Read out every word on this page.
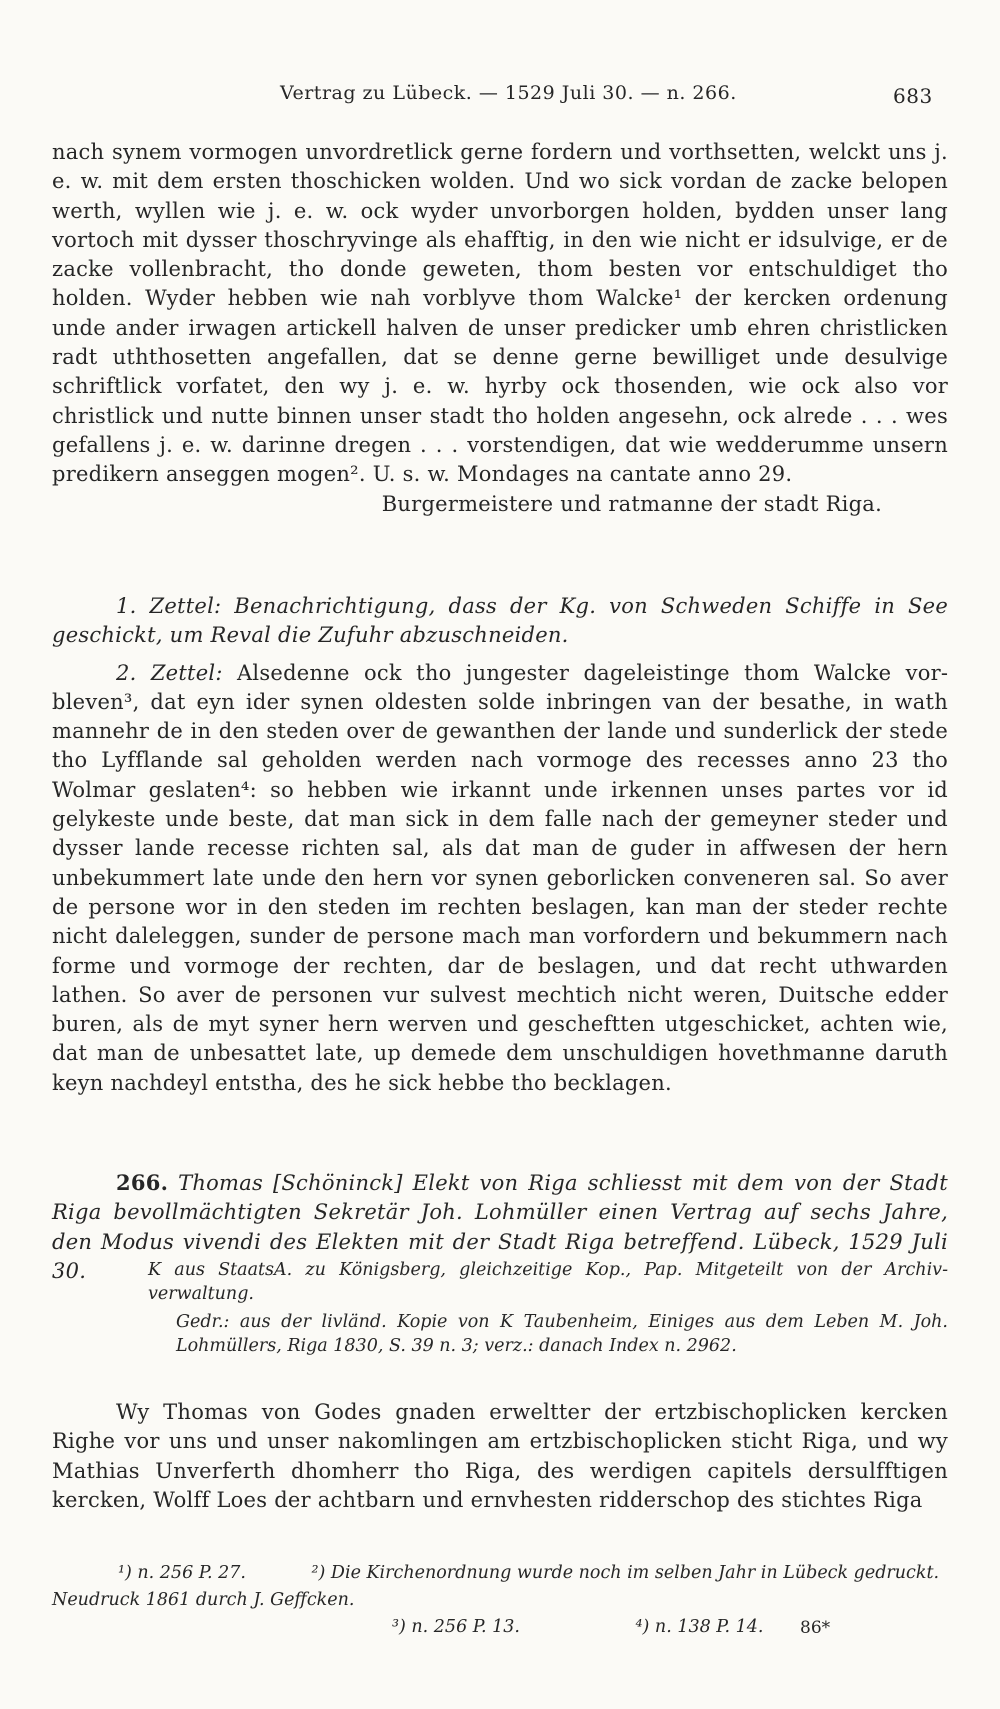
Vertrag zu Lübeck. — 1529 Juli 30. — n. 266.	683

nach synem vormogen unvordretlick gerne fordern und vorthsetten, welckt uns j. e. w. mit dem ersten thoschicken wolden. Und wo sick vordan de zacke belopen werth, wyllen wie j. e. w. ock wyder unvorborgen holden, bydden unser lang vortoch mit dysser thoschryvinge als ehafftig, in den wie nicht er idsulvige, er de zacke vollenbracht, tho donde geweten, thom besten vor entschuldiget tho holden. Wyder hebben wie nah vorblyve thom Walcke¹ der kercken ordenung unde ander irwagen artickell halven de unser predicker umb ehren christlicken radt uththosetten angefallen, dat se denne gerne bewilliget unde desulvige schriftlick vorfatet, den wy j. e. w. hyrby ock thosenden, wie ock also vor christlick und nutte binnen unser stadt tho holden angesehn, ock alrede . . . wes gefallens j. e. w. darinne dregen . . . vorstendigen, dat wie wedderumme unsern predikern anseggen mogen². U. s. w. Mondages na cantate anno 29.

Burgermeistere und ratmanne der stadt Riga.

1. Zettel: Benachrichtigung, dass der Kg. von Schweden Schiffe in See geschickt, um Reval die Zufuhr abzuschneiden.

2. Zettel: Alsedenne ock tho jungester dageleistinge thom Walcke vorbleven³, dat eyn ider synen oldesten solde inbringen van der besathe, in wath mannehr de in den steden over de gewanthen der lande und sunderlick der stede tho Lyfflande sal geholden werden nach vormoge des recesses anno 23 tho Wolmar geslaten⁴: so hebben wie irkannt unde irkennen unses partes vor id gelykeste unde beste, dat man sick in dem falle nach der gemeyner steder und dysser lande recesse richten sal, als dat man de guder in affwesen der hern unbekummert late unde den hern vor synen geborlicken conveneren sal. So aver de persone wor in den steden im rechten beslagen, kan man der steder rechte nicht daleleggen, sunder de persone mach man vorfordern und bekummern nach forme und vormoge der rechten, dar de beslagen, und dat recht uthwarden lathen. So aver de personen vur sulvest mechtich nicht weren, Duitsche edder buren, als de myt syner hern werven und gescheftten utgeschicket, achten wie, dat man de unbesattet late, up demede dem unschuldigen hovethmanne daruth keyn nachdeyl entstha, des he sick hebbe tho becklagen.

266. Thomas [Schöninck] Elekt von Riga schliesst mit dem von der Stadt Riga bevollmächtigten Sekretär Joh. Lohmüller einen Vertrag auf sechs Jahre, den Modus vivendi des Elekten mit der Stadt Riga betreffend. Lübeck, 1529 Juli 30.	K aus StaatsA. zu Königsberg, gleichzeitige Kop., Pap. Mitgeteilt von der Archivverwaltung.
Gedr.: aus der livländ. Kopie von K Taubenheim, Einiges aus dem Leben M. Joh. Lohmüllers, Riga 1830, S. 39 n. 3; verz.: danach Index n. 2962.

Wy Thomas von Godes gnaden erweltter der ertzbischoplicken kercken Righe vor uns und unser nakomlingen am ertzbischoplicken sticht Riga, und wy Mathias Unverferth dhomherr tho Riga, des werdigen capitels dersulfftigen kercken, Wolff Loes der achtbarn und ernvhesten ridderschop des stichtes Riga

¹) n. 256 P. 27.	²) Die Kirchenordnung wurde noch im selben Jahr in Lübeck gedruckt. Neudruck 1861 durch J. Geffcken.
³) n. 256 P. 13.	⁴) n. 138 P. 14.	86*
